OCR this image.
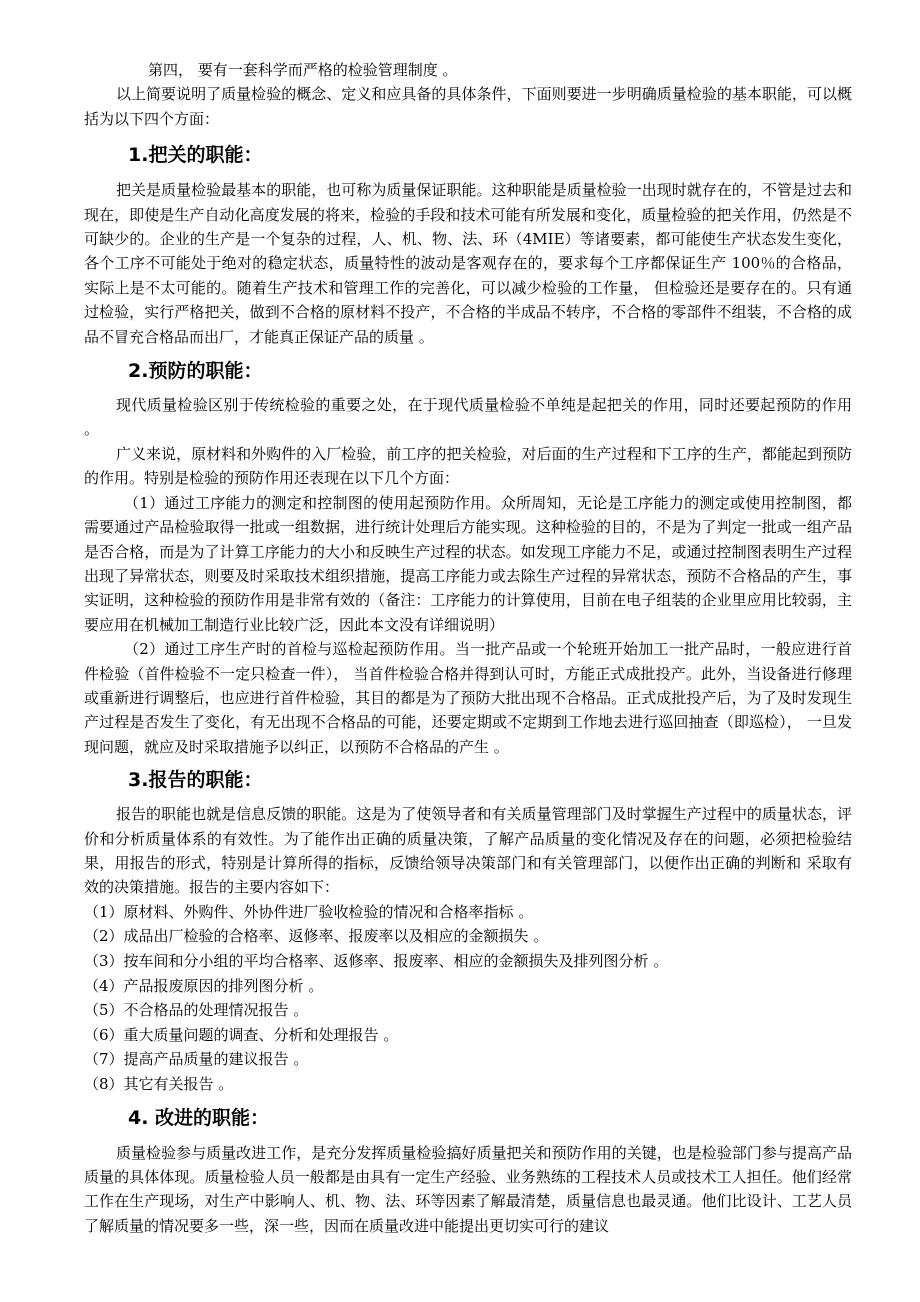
第四， 要有一套科学而严格的检验管理制度 。

以上简要说明了质量检验的概念、定义和应具备的具体条件，下面则要进一步明确质量检验的基本职能，可以概括为以下四个方面：

1.把关的职能：

把关是质量检验最基本的职能，也可称为质量保证职能。这种职能是质量检验一出现时就存在的，不管是过去和现在，即使是生产自动化高度发展的将来，检验的手段和技术可能有所发展和变化，质量检验的把关作用，仍然是不可缺少的。企业的生产是一个复杂的过程，人、机、物、法、环（4MIE）等诸要素，都可能使生产状态发生变化，各个工序不可能处于绝对的稳定状态，质量特性的波动是客观存在的，要求每个工序都保证生产 100％的合格品，实际上是不太可能的。随着生产技术和管理工作的完善化，可以减少检验的工作量， 但检验还是要存在的。只有通过检验，实行严格把关，做到不合格的原材料不投产，不合格的半成品不转序，不合格的零部件不组装，不合格的成品不冒充合格品而出厂，才能真正保证产品的质量 。

2.预防的职能：

现代质量检验区别于传统检验的重要之处，在于现代质量检验不单纯是起把关的作用，同时还要起预防的作用 。

广义来说，原材料和外购件的入厂检验，前工序的把关检验，对后面的生产过程和下工序的生产，都能起到预防的作用。特别是检验的预防作用还表现在以下几个方面：

（1）通过工序能力的测定和控制图的使用起预防作用。众所周知，无论是工序能力的测定或使用控制图，都需要通过产品检验取得一批或一组数据，进行统计处理后方能实现。这种检验的目的，不是为了判定一批或一组产品是否合格，而是为了计算工序能力的大小和反映生产过程的状态。如发现工序能力不足，或通过控制图表明生产过程出现了异常状态，则要及时采取技术组织措施，提高工序能力或去除生产过程的异常状态，预防不合格品的产生，事实证明，这种检验的预防作用是非常有效的（备注：工序能力的计算使用，目前在电子组装的企业里应用比较弱，主要应用在机械加工制造行业比较广泛，因此本文没有详细说明）

（2）通过工序生产时的首检与巡检起预防作用。当一批产品或一个轮班开始加工一批产品时，一般应进行首件检验（首件检验不一定只检查一件）， 当首件检验合格并得到认可时，方能正式成批投产。此外，当设备进行修理或重新进行调整后，也应进行首件检验，其目的都是为了预防大批出现不合格品。正式成批投产后，为了及时发现生产过程是否发生了变化，有无出现不合格品的可能，还要定期或不定期到工作地去进行巡回抽查（即巡检）， 一旦发现问题，就应及时采取措施予以纠正，以预防不合格品的产生 。

3.报告的职能：

报告的职能也就是信息反馈的职能。这是为了使领导者和有关质量管理部门及时掌握生产过程中的质量状态，评价和分析质量体系的有效性。为了能作出正确的质量决策，了解产品质量的变化情况及存在的问题，必须把检验结果，用报告的形式，特别是计算所得的指标，反馈给领导决策部门和有关管理部门，以便作出正确的判断和 采取有效的决策措施。报告的主要内容如下：

（1）原材料、外购件、外协件进厂验收检验的情况和合格率指标 。

（2）成品出厂检验的合格率、返修率、报废率以及相应的金额损失 。

（3）按车间和分小组的平均合格率、返修率、报废率、相应的金额损失及排列图分析 。

（4）产品报废原因的排列图分析 。

（5）不合格品的处理情况报告 。

（6）重大质量问题的调查、分析和处理报告 。

（7）提高产品质量的建议报告 。

（8）其它有关报告 。

4. 改进的职能：

质量检验参与质量改进工作，是充分发挥质量检验搞好质量把关和预防作用的关键，也是检验部门参与提高产品质量的具体体现。质量检验人员一般都是由具有一定生产经验、业务熟练的工程技术人员或技术工人担任。他们经常工作在生产现场，对生产中影响人、机、物、法、环等因素了解最清楚，质量信息也最灵通。他们比设计、工艺人员了解质量的情况要多一些，深一些，因而在质量改进中能提出更切实可行的建议
